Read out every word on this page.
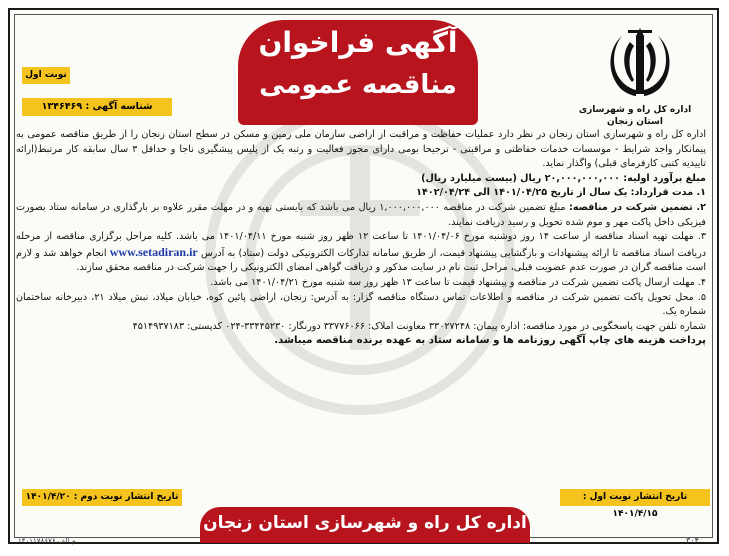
آگهی فراخوان
مناقصه عمومی
اداره کل راه و شهرسازی
استان زنجان
نوبت اول
شناسه آگهی : ۱۳۴۶۴۶۹

اداره کل راه و شهرسازی استان زنجان در نظر دارد عملیات حفاظت و مراقبت از اراضی سازمان ملی زمین و مسکن در سطح استان زنجان را از طریق مناقصه عمومی به پیمانکار واجد شرایط - موسسات خدمات حفاظتی و مراقبتی - ترجیحا بومی دارای مجوز فعالیت و رتبه یک از پلیس پیشگیری ناجا و حداقل ۳ سال سابقه کار مرتبط(ارائه تاییدیه کتبی کارفرمای قبلی) واگذار نماید.

مبلغ برآورد اولیه: ۲۰,۰۰۰,۰۰۰,۰۰۰ ریال (بیست میلیارد ریال)

۱. مدت قرارداد: یک سال از تاریخ ۱۴۰۱/۰۴/۲۵ الی ۱۴۰۲/۰۴/۲۴

۲. تضمین شرکت در مناقصه: مبلغ تضمین شرکت در مناقصه ۱,۰۰۰,۰۰۰,۰۰۰ ریال می باشد که بایستی تهیه و در مهلت مقرر علاوه بر بارگذاری در سامانه ستاد بصورت فیزیکی داخل پاکت مهر و موم شده تحویل و رسید دریافت نمایند.

۳. مهلت تهیه اسناد مناقصه از ساعت ۱۴ روز دوشنبه مورخ ۱۴۰۱/۰۴/۰۶ تا ساعت ۱۲ ظهر روز شنبه مورخ ۱۴۰۱/۰۴/۱۱ می باشد. کلیه مراحل برگزاری مناقصه از مرحله دریافت اسناد مناقصه تا ارائه پیشنهادات و بازگشایی پیشنهاد قیمت، از طریق سامانه تدارکات الکترونیکی دولت (ستاد) به آدرس www.setadiran.ir انجام خواهد شد و لازم است مناقصه گران در صورت عدم عضویت قبلی، مراحل ثبت نام در سایت مذکور و دریافت گواهی امضای الکترونیکی را جهت شرکت در مناقصه محقق سازند.

۴. مهلت ارسال پاکت تضمین شرکت در مناقصه و پیشنهاد قیمت تا ساعت ۱۳ ظهر روز سه شنبه مورخ ۱۴۰۱/۰۴/۲۱ می باشد.

۵. محل تحویل پاکت تضمین شرکت در مناقصه و اطلاعات تماس دستگاه مناقصه گزار: به آدرس: زنجان، اراضی پائین کوه، خیابان میلاد، نبش میلاد ۲۱، دبیرخانه ساختمان شماره یک.

شماره تلفن جهت پاسخگویی در مورد مناقصه: اداره پیمان: ۳۳۰۲۷۲۴۸ معاونت املاک: ۳۳۷۷۶۰۶۶ دورنگار: ۳۳۴۴۵۲۳۰-۰۲۴ کدپستی: ۴۵۱۴۹۳۷۱۸۳

پرداخت هزینه های چاپ آگهی روزنامه ها و سامانه ستاد به عهده برنده مناقصه میباشد.

تاریخ انتشار نوبت اول : ۱۴۰۱/۴/۱۵
تاریخ انتشار نوبت دوم : ۱۴۰۱/۴/۲۰
اداره کل راه و شهرسازی استان زنجان
م.الف ۱۴۰۱۱۷۸۶۷۶	۳۰۴
